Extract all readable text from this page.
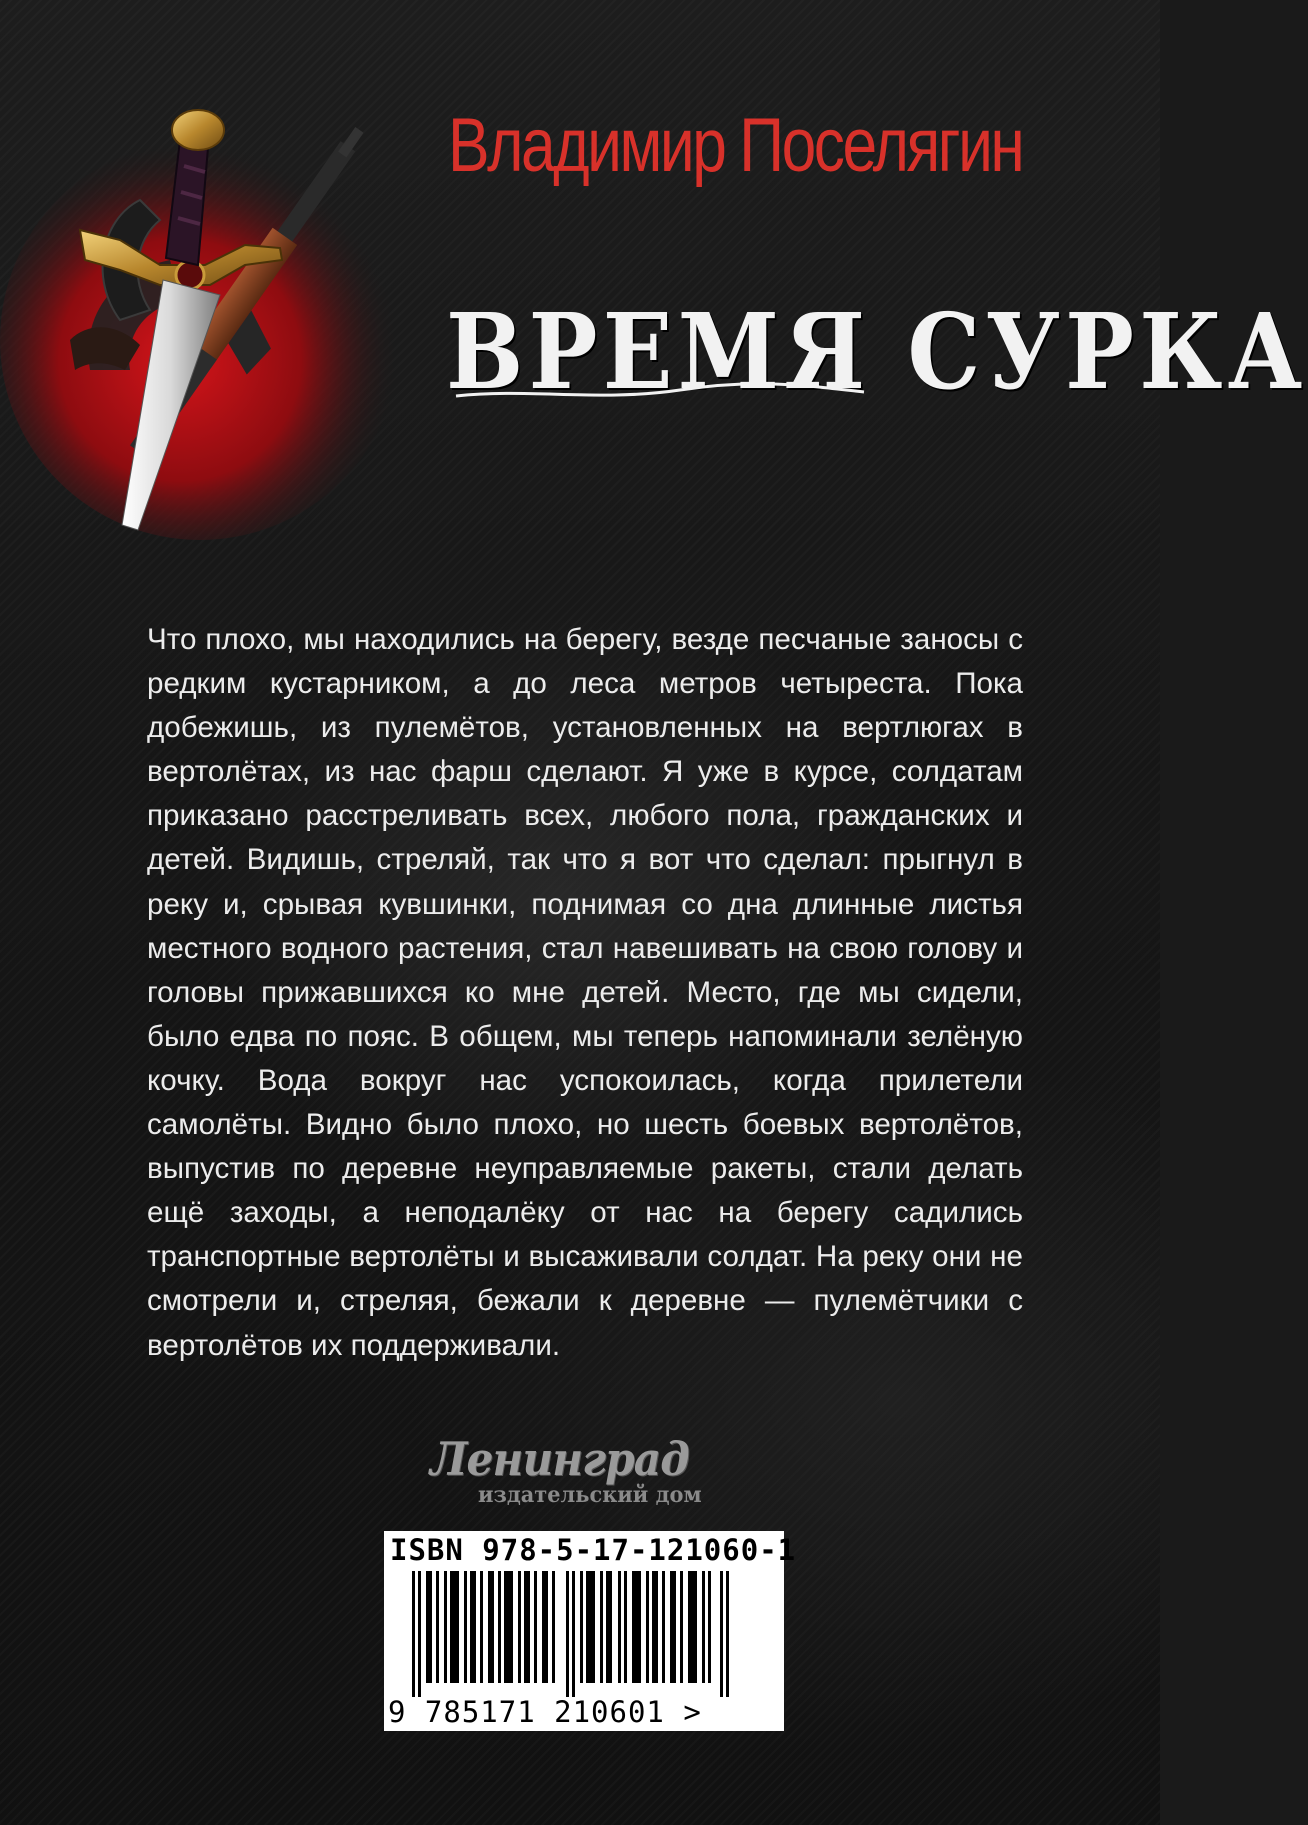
Владимир Поселягин
ВРЕМЯ СУРКА

Что плохо, мы находились на берегу, везде песчаные заносы с редким кустарником, а до леса метров четыреста. Пока добежишь, из пулемётов, установленных на вертлюгах в вертолётах, из нас фарш сделают. Я уже в курсе, солдатам приказано расстреливать всех, любого пола, гражданских и детей. Видишь, стреляй, так что я вот что сделал: прыгнул в реку и, срывая кувшинки, поднимая со дна длинные листья местного водного растения, стал навешивать на свою голову и головы прижавшихся ко мне детей. Место, где мы сидели, было едва по пояс. В общем, мы теперь напоминали зелёную кочку. Вода вокруг нас успокоилась, когда прилетели самолёты. Видно было плохо, но шесть боевых вертолётов, выпустив по деревне неуправляемые ракеты, стали делать ещё заходы, а неподалёку от нас на берегу садились транспортные вертолёты и высаживали солдат. На реку они не смотрели и, стреляя, бежали к деревне — пулемётчики с вертолётов их поддерживали.

Ленинград
издательский дом
ISBN 978-5-17-121060-1
9 785171 210601 >
